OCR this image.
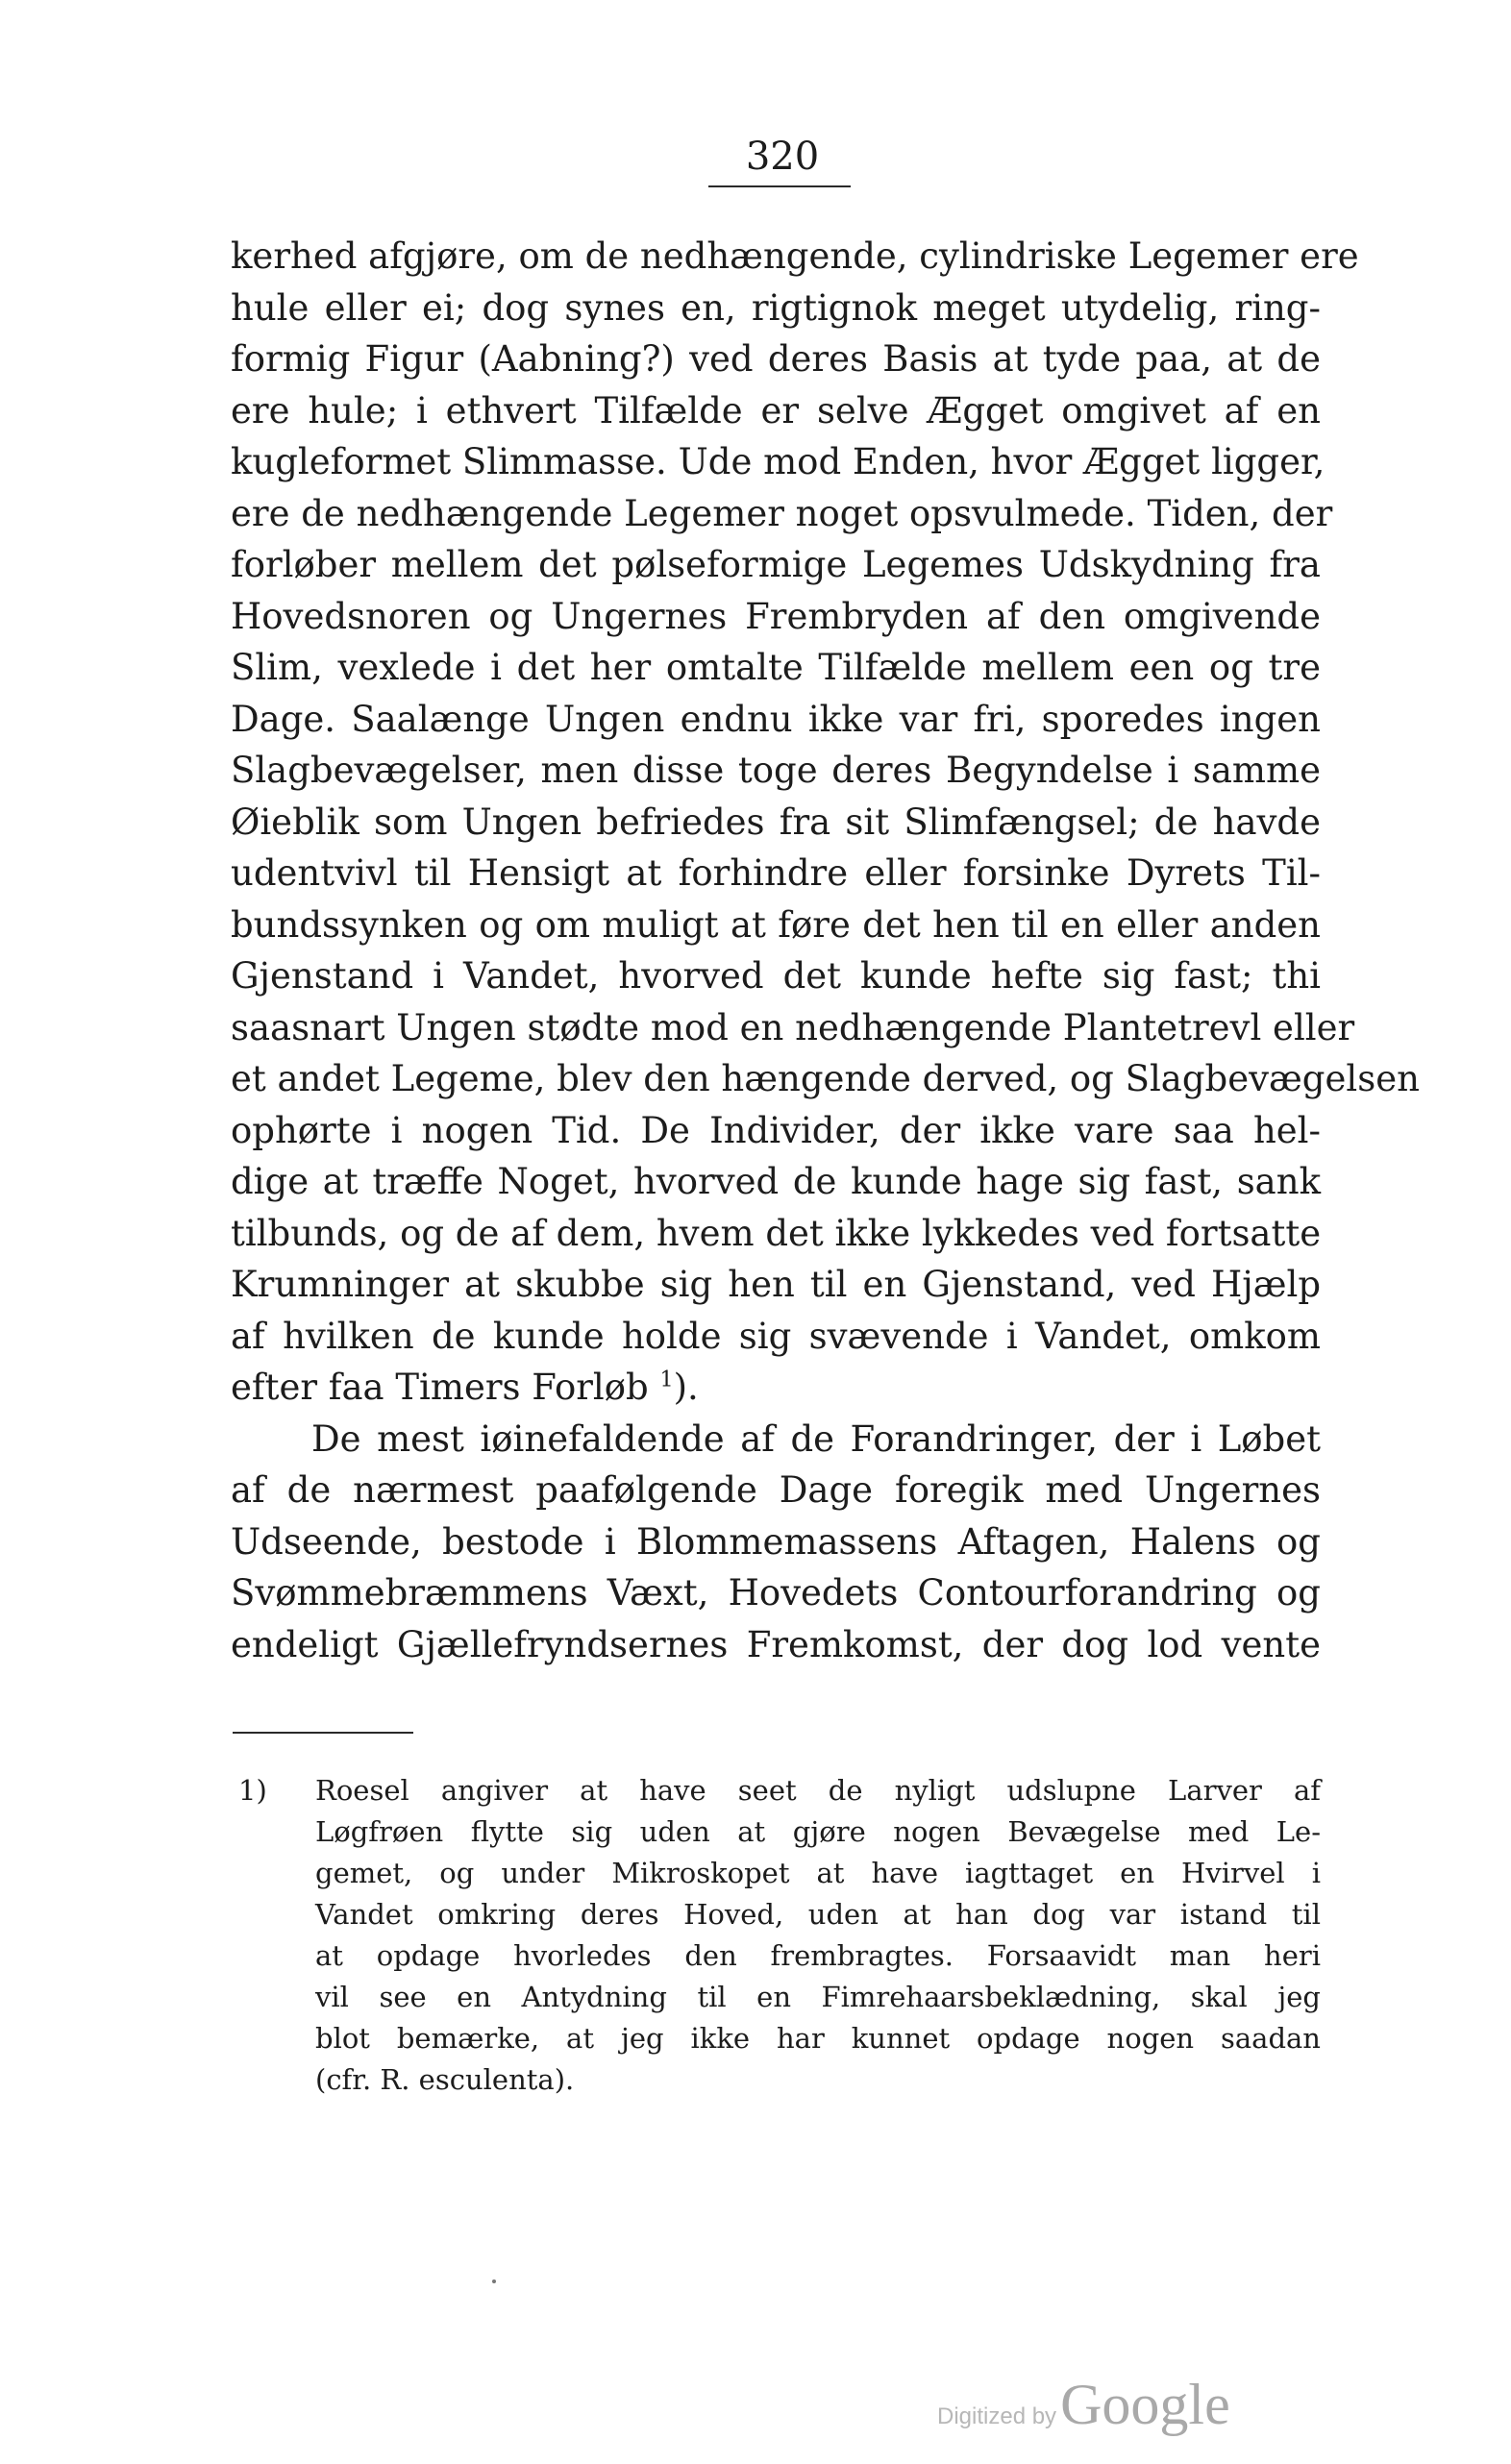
320
kerhed afgjøre, om de nedhængende, cylindriske Legemer ere
hule eller ei; dog synes en, rigtignok meget utydelig, ring-
formig Figur (Aabning?) ved deres Basis at tyde paa, at de
ere hule; i ethvert Tilfælde er selve Ægget omgivet af en
kugleformet Slimmasse. Ude mod Enden, hvor Ægget ligger,
ere de nedhængende Legemer noget opsvulmede. Tiden, der
forløber mellem det pølseformige Legemes Udskydning fra
Hovedsnoren og Ungernes Frembryden af den omgivende
Slim, vexlede i det her omtalte Tilfælde mellem een og tre
Dage. Saalænge Ungen endnu ikke var fri, sporedes ingen
Slagbevægelser, men disse toge deres Begyndelse i samme
Øieblik som Ungen befriedes fra sit Slimfængsel; de havde
udentvivl til Hensigt at forhindre eller forsinke Dyrets Til-
bundssynken og om muligt at føre det hen til en eller anden
Gjenstand i Vandet, hvorved det kunde hefte sig fast; thi
saasnart Ungen stødte mod en nedhængende Plantetrevl eller
et andet Legeme, blev den hængende derved, og Slagbevægelsen
ophørte i nogen Tid. De Individer, der ikke vare saa hel-
dige at træffe Noget, hvorved de kunde hage sig fast, sank
tilbunds, og de af dem, hvem det ikke lykkedes ved fortsatte
Krumninger at skubbe sig hen til en Gjenstand, ved Hjælp
af hvilken de kunde holde sig svævende i Vandet, omkom
efter faa Timers Forløb $^1$).
De mest iøinefaldende af de Forandringer, der i Løbet
af de nærmest paafølgende Dage foregik med Ungernes
Udseende, bestode i Blommemassens Aftagen, Halens og
Svømmebræmmens Væxt, Hovedets Contourforandring og
endeligt Gjællefryndsernes Fremkomst, der dog lod vente
1)	Roesel angiver at have seet de nyligt udslupne Larver af
Løgfrøen flytte sig uden at gjøre nogen Bevægelse med Le-
gemet, og under Mikroskopet at have iagttaget en Hvirvel i
Vandet omkring deres Hoved, uden at han dog var istand til
at opdage hvorledes den frembragtes. Forsaavidt man heri
vil see en Antydning til en Fimrehaarsbeklædning, skal jeg
blot bemærke, at jeg ikke har kunnet opdage nogen saadan
(cfr. R. esculenta).
Digitized by Google
